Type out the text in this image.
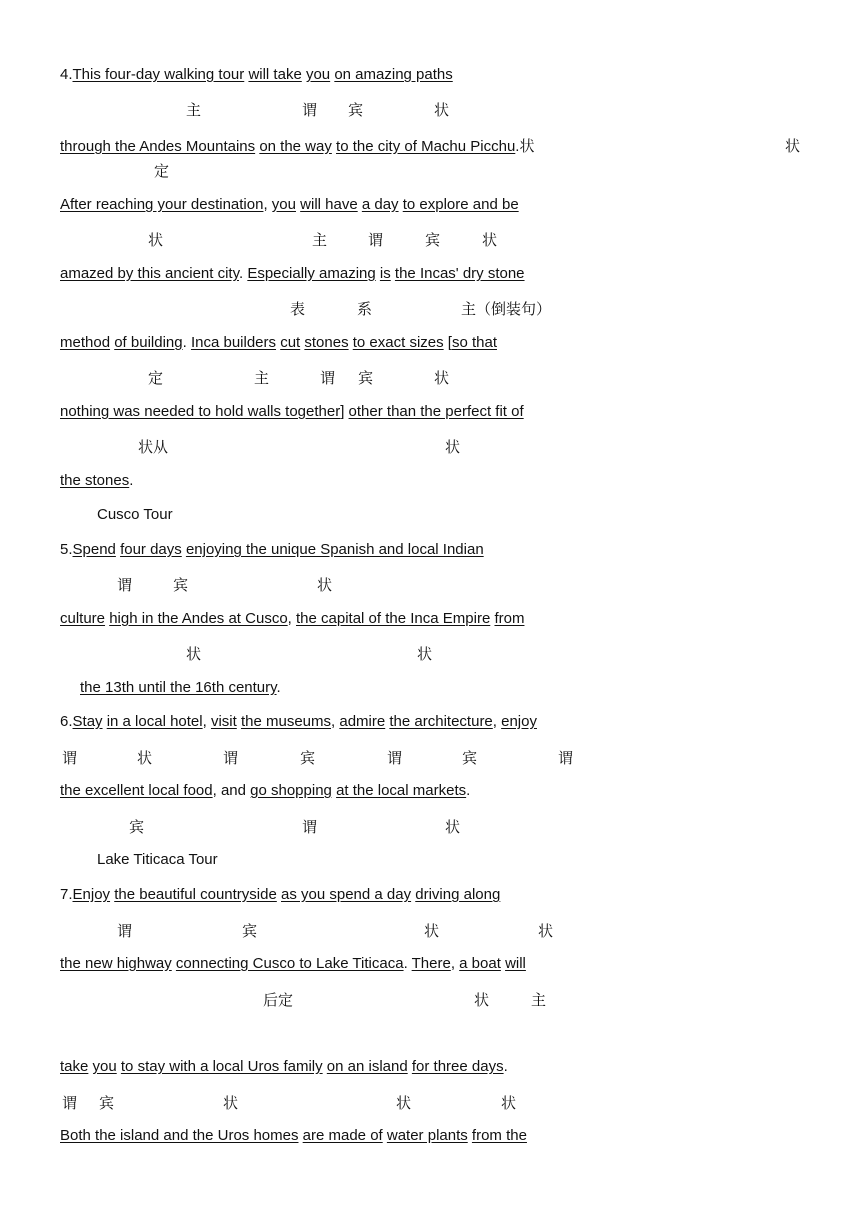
4.This four-day walking tour will take you on amazing paths
主	谓 宾	状
through the Andes Mountains on the way to the city of Machu Picchu.状	状
定
After reaching your destination, you will have a day to explore and be
状	主	谓	宾	状
amazed by this ancient city. Especially amazing is the Incas' dry stone
表	系	主（倒装句）
method of building. Inca builders cut stones to exact sizes [so that
定	主	谓 宾	状
nothing was needed to hold walls together] other than the perfect fit of
状从	状
the stones.
Cusco Tour
5.Spend four days enjoying the unique Spanish and local Indian
谓	宾	状
culture high in the Andes at Cusco, the capital of the Inca Empire from
状	状
the 13th until the 16th century.
6.Stay in a local hotel, visit the museums, admire the architecture, enjoy
谓	状	谓	宾	谓	宾	谓
the excellent local food, and go shopping at the local markets.
宾	谓	状
Lake Titicaca Tour
7.Enjoy the beautiful countryside as you spend a day driving along
谓	宾	状	状
the new highway connecting Cusco to Lake Titicaca. There, a boat will
后定	状	主
take you to stay with a local Uros family on an island for three days.
谓 宾	状	状	状
Both the island and the Uros homes are made of water plants from the
